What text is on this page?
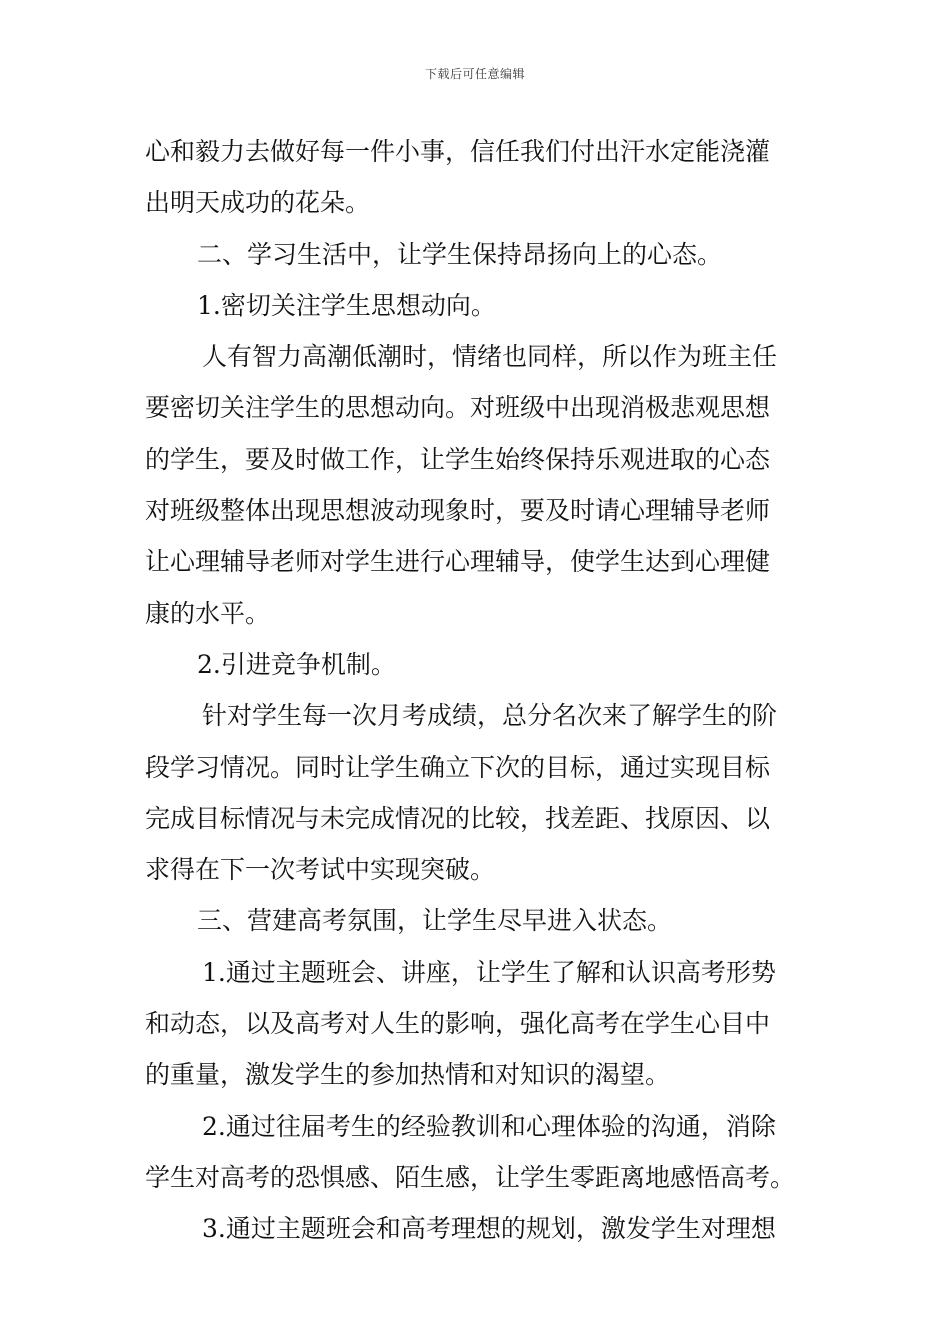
下载后可任意编辑
心和毅力去做好每一件小事，信任我们付出汗水定能浇灌
出明天成功的花朵。
二、学习生活中，让学生保持昂扬向上的心态。
1.密切关注学生思想动向。
人有智力高潮低潮时，情绪也同样，所以作为班主任
要密切关注学生的思想动向。对班级中出现消极悲观思想
的学生，要及时做工作，让学生始终保持乐观进取的心态
对班级整体出现思想波动现象时，要及时请心理辅导老师
让心理辅导老师对学生进行心理辅导，使学生达到心理健
康的水平。
2.引进竞争机制。
针对学生每一次月考成绩，总分名次来了解学生的阶
段学习情况。同时让学生确立下次的目标，通过实现目标
完成目标情况与未完成情况的比较，找差距、找原因、以
求得在下一次考试中实现突破。
三、营建高考氛围，让学生尽早进入状态。
1.通过主题班会、讲座，让学生了解和认识高考形势
和动态，以及高考对人生的影响，强化高考在学生心目中
的重量，激发学生的参加热情和对知识的渴望。
2.通过往届考生的经验教训和心理体验的沟通，消除
学生对高考的恐惧感、陌生感，让学生零距离地感悟高考。
3.通过主题班会和高考理想的规划，激发学生对理想
